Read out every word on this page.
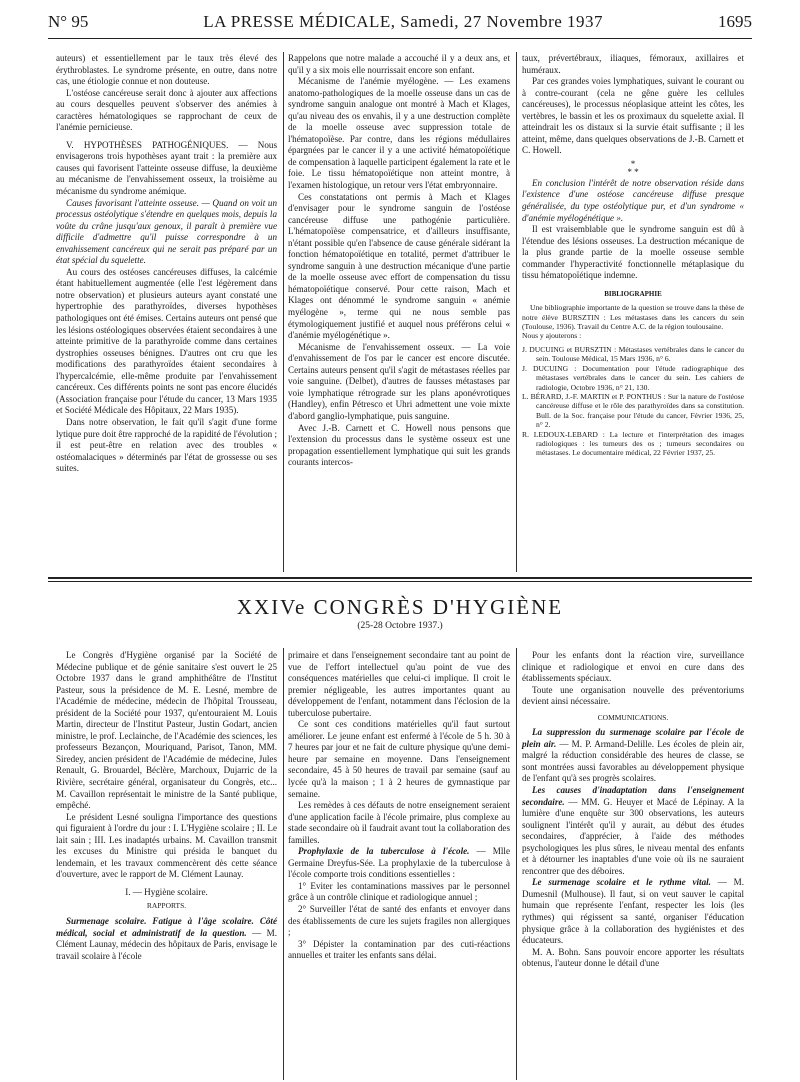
N° 95	LA PRESSE MÉDICALE, Samedi, 27 Novembre 1937	1695

auteurs) et essentiellement par le taux très élevé des érythroblastes. Le syndrome présente, en outre, dans notre cas, une étiologie connue et non douteuse.

L'ostéose cancéreuse serait donc à ajouter aux affections au cours desquelles peuvent s'observer des anémies à caractères hématologiques se rapprochant de ceux de l'anémie pernicieuse.

V. HYPOTHÈSES PATHOGÉNIQUES. — Nous envisagerons trois hypothèses ayant trait : la première aux causes qui favorisent l'atteinte osseuse diffuse, la deuxième au mécanisme de l'envahissement osseux, la troisième au mécanisme du syndrome anémique.

Causes favorisant l'atteinte osseuse. — Quand on voit un processus ostéolytique s'étendre en quelques mois, depuis la voûte du crâne jusqu'aux genoux, il paraît à première vue difficile d'admettre qu'il puisse correspondre à un envahissement cancéreux qui ne serait pas préparé par un état spécial du squelette.

Au cours des ostéoses cancéreuses diffuses, la calcémie étant habituellement augmentée (elle l'est légèrement dans notre observation) et plusieurs auteurs ayant constaté une hypertrophie des parathyroïdes, diverses hypothèses pathologiques ont été émises. Certains auteurs ont pensé que les lésions ostéologiques observées étaient secondaires à une atteinte primitive de la parathyroïde comme dans certaines dystrophies osseuses bénignes. D'autres ont cru que les modifications des parathyroïdes étaient secondaires à l'hypercalcémie, elle-même produite par l'envahissement cancéreux. Ces différents points ne sont pas encore élucidés (Association française pour l'étude du cancer, 13 Mars 1935 et Société Médicale des Hôpitaux, 22 Mars 1935).

Dans notre observation, le fait qu'il s'agit d'une forme lytique pure doit être rapproché de la rapidité de l'évolution ; il est peut-être en relation avec des troubles « ostéomalaciques » déterminés par l'état de grossesse ou ses suites.

Rappelons que notre malade a accouché il y a deux ans, et qu'il y a six mois elle nourrissait encore son enfant.

Mécanisme de l'anémie myélogène. — Les examens anatomo-pathologiques de la moelle osseuse dans un cas de syndrome sanguin analogue ont montré à Mach et Klages, qu'au niveau des os envahis, il y a une destruction complète de la moelle osseuse avec suppression totale de l'hématopoïèse. Par contre, dans les régions médullaires épargnées par le cancer il y a une activité hématopoïétique de compensation à laquelle participent également la rate et le foie. Le tissu hématopoïétique non atteint montre, à l'examen histologique, un retour vers l'état embryonnaire.

Ces constatations ont permis à Mach et Klages d'envisager pour le syndrome sanguin de l'ostéose cancéreuse diffuse une pathogénie particulière. L'hématopoïèse compensatrice, et d'ailleurs insuffisante, n'étant possible qu'en l'absence de cause générale sidérant la fonction hématopoïétique en totalité, permet d'attribuer le syndrome sanguin à une destruction mécanique d'une partie de la moelle osseuse avec effort de compensation du tissu hématopoïétique conservé. Pour cette raison, Mach et Klages ont dénommé le syndrome sanguin « anémie myélogène », terme qui ne nous semble pas étymologiquement justifié et auquel nous préférons celui « d'anémie myélogénétique ».

Mécanisme de l'envahissement osseux. — La voie d'envahissement de l'os par le cancer est encore discutée. Certains auteurs pensent qu'il s'agit de métastases réelles par voie sanguine. (Delbet), d'autres de fausses métastases par voie lymphatique rétrograde sur les plans aponévrotiques (Handley), enfin Pétresco et Uhri admettent une voie mixte d'abord ganglio-lymphatique, puis sanguine.

Avec J.-B. Carnett et C. Howell nous pensons que l'extension du processus dans le système osseux est une propagation essentiellement lymphatique qui suit les grands courants intercos-

taux, prévertébraux, iliaques, fémoraux, axillaires et huméraux.

Par ces grandes voies lymphatiques, suivant le courant ou à contre-courant (cela ne gêne guère les cellules cancéreuses), le processus néoplasique atteint les côtes, les vertèbres, le bassin et les os proximaux du squelette axial. Il atteindrait les os distaux si la survie était suffisante ; il les atteint, même, dans quelques observations de J.-B. Carnett et C. Howell.

*
* *

En conclusion l'intérêt de notre observation réside dans l'existence d'une ostéose cancéreuse diffuse presque généralisée, du type ostéolytique pur, et d'un syndrome « d'anémie myélogénétique ».

Il est vraisemblable que le syndrome sanguin est dû à l'étendue des lésions osseuses. La destruction mécanique de la plus grande partie de la moelle osseuse semble commander l'hyperactivité fonctionnelle métaplasique du tissu hématopoïétique indemne.

BIBLIOGRAPHIE

Une bibliographie importante de la question se trouve dans la thèse de notre élève BURSZTIN : Les métastases dans les cancers du sein (Toulouse, 1936). Travail du Centre A.C. de la région toulousaine.

Nous y ajouterons :

J. DUCUING et BURSZTIN : Métastases vertébrales dans le cancer du sein. Toulouse Médical, 15 Mars 1936, n° 6.

J. DUCUING : Documentation pour l'étude radiographique des métastases vertébrales dans le cancer du sein. Les cahiers de radiologie, Octobre 1936, n° 21, 130.

L. BÉRARD, J.-F. MARTIN et P. PONTHUS : Sur la nature de l'ostéose cancéreuse diffuse et le rôle des parathyroïdes dans sa constitution. Bull. de la Soc. française pour l'étude du cancer, Février 1936, 25, n° 2.

R. LEDOUX-LEBARD : La lecture et l'interprétation des images radiologiques : les tumeurs des os ; tumeurs secondaires ou métastases. Le documentaire médical, 22 Février 1937, 25.

XXIVe CONGRÈS D'HYGIÈNE
(25-28 Octobre 1937.)

Le Congrès d'Hygiène organisé par la Société de Médecine publique et de génie sanitaire s'est ouvert le 25 Octobre 1937 dans le grand amphithéâtre de l'Institut Pasteur, sous la présidence de M. E. Lesné, membre de l'Académie de médecine, médecin de l'hôpital Trousseau, président de la Société pour 1937, qu'entouraient M. Louis Martin, directeur de l'Institut Pasteur, Justin Godart, ancien ministre, le prof. Leclainche, de l'Académie des sciences, les professeurs Bezançon, Mouriquand, Parisot, Tanon, MM. Siredey, ancien président de l'Académie de médecine, Jules Renault, G. Brouardel, Béclère, Marchoux, Dujarric de la Rivière, secrétaire général, organisateur du Congrès, etc... M. Cavaillon représentait le ministre de la Santé publique, empêché.

Le président Lesné souligna l'importance des questions qui figuraient à l'ordre du jour : I. L'Hygiène scolaire ; II. Le lait sain ; III. Les inadaptés urbains. M. Cavaillon transmit les excuses du Ministre qui présida le banquet du lendemain, et les travaux commencèrent dès cette séance d'ouverture, avec le rapport de M. Clément Launay.

I. — Hygiène scolaire.

RAPPORTS.

Surmenage scolaire. Fatigue à l'âge scolaire. Côté médical, social et administratif de la question. — M. Clément Launay, médecin des hôpitaux de Paris, envisage le travail scolaire à l'école

primaire et dans l'enseignement secondaire tant au point de vue de l'effort intellectuel qu'au point de vue des conséquences matérielles que celui-ci implique. Il croit le premier négligeable, les autres importantes quant au développement de l'enfant, notamment dans l'éclosion de la tuberculose pubertaire.

Ce sont ces conditions matérielles qu'il faut surtout améliorer. Le jeune enfant est enfermé à l'école de 5 h. 30 à 7 heures par jour et ne fait de culture physique qu'une demi-heure par semaine en moyenne. Dans l'enseignement secondaire, 45 à 50 heures de travail par semaine (sauf au lycée qu'à la maison ; 1 à 2 heures de gymnastique par semaine.

Les remèdes à ces défauts de notre enseignement seraient d'une application facile à l'école primaire, plus complexe au stade secondaire où il faudrait avant tout la collaboration des familles.

Prophylaxie de la tuberculose à l'école. — Mlle Germaine Dreyfus-Sée. La prophylaxie de la tuberculose à l'école comporte trois conditions essentielles :

1° Eviter les contaminations massives par le personnel grâce à un contrôle clinique et radiologique annuel ;

2° Surveiller l'état de santé des enfants et envoyer dans des établissements de cure les sujets fragiles non allergiques ;

3° Dépister la contamination par des cuti-réactions annuelles et traiter les enfants sans délai.

Pour les enfants dont la réaction vire, surveillance clinique et radiologique et envoi en cure dans des établissements spéciaux.

Toute une organisation nouvelle des préventoriums devient ainsi nécessaire.

COMMUNICATIONS.

La suppression du surmenage scolaire par l'école de plein air. — M. P. Armand-Delille. Les écoles de plein air, malgré la réduction considérable des heures de classe, se sont montrées aussi favorables au développement physique de l'enfant qu'à ses progrès scolaires.

Les causes d'inadaptation dans l'enseignement secondaire. — MM. G. Heuyer et Macé de Lépinay. A la lumière d'une enquête sur 300 observations, les auteurs soulignent l'intérêt qu'il y aurait, au début des études secondaires, d'apprécier, à l'aide des méthodes psychologiques les plus sûres, le niveau mental des enfants et à détourner les inaptables d'une voie où ils ne sauraient rencontrer que des déboires.

Le surmenage scolaire et le rythme vital. — M. Dumesnil (Mulhouse). Il faut, si on veut sauver le capital humain que représente l'enfant, respecter les lois (les rythmes) qui régissent sa santé, organiser l'éducation physique grâce à la collaboration des hygiénistes et des éducateurs.

M. A. Bohn. Sans pouvoir encore apporter les résultats obtenus, l'auteur donne le détail d'une
